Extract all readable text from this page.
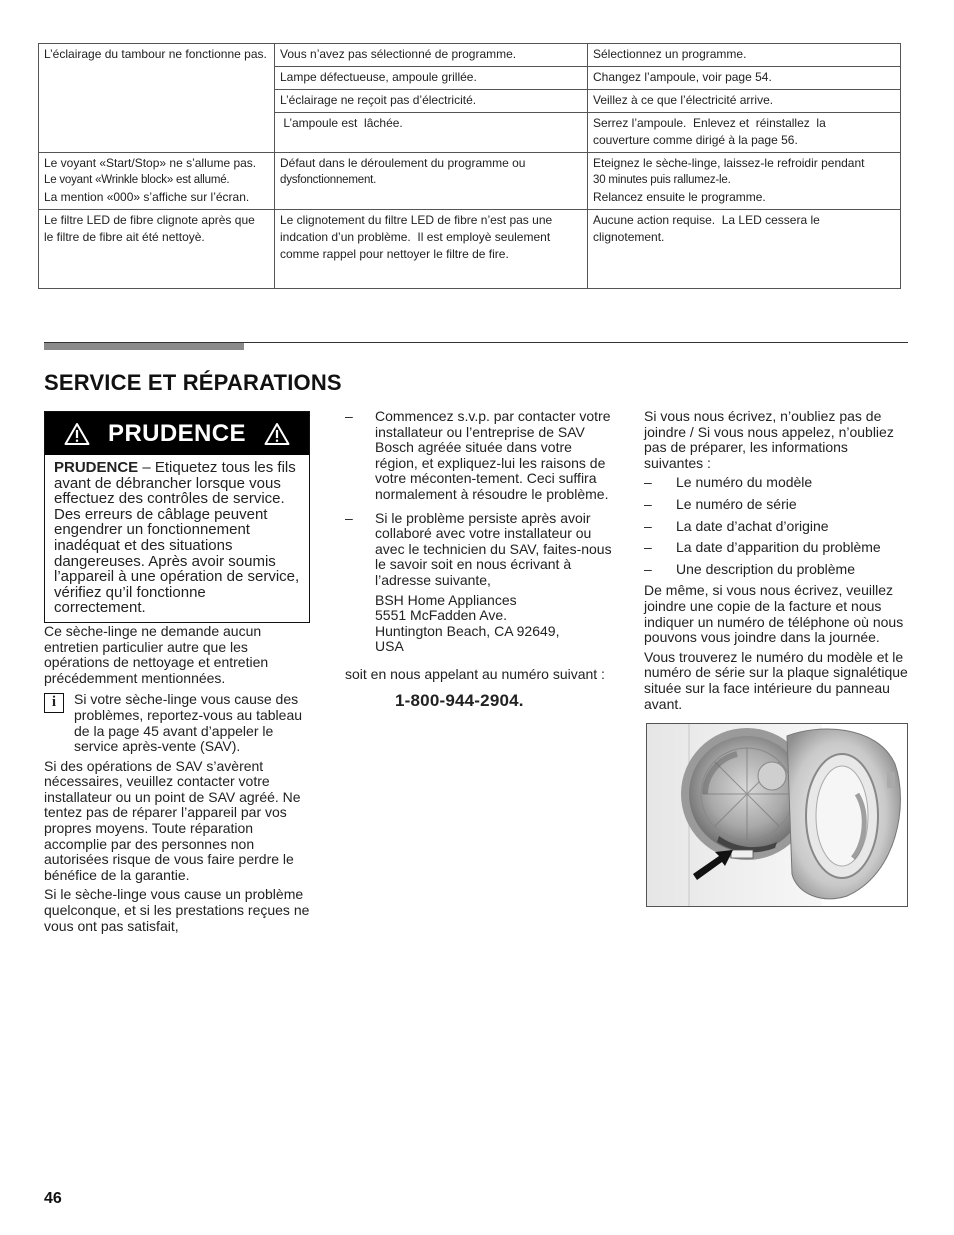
L’éclairage du tambour ne fonctionne pas.	Vous n’avez pas sélectionné de programme.	Sélectionnez un programme.

	Lampe défectueuse, ampoule grillée.	Changez l’ampoule, voir page 54.

	L’éclairage ne reçoit pas d’électricité.	Veillez à ce que l’électricité arrive.

	L’ampoule est  lâchée.	Serrez l’ampoule.  Enlevez et  réinstallez  la
couverture comme dirigé à la page 56.

Le voyant «Start/Stop» ne s’allume pas.
Le voyant «Wrinkle block» est allumé.
La mention «000» s’affiche sur l’écran.	Défaut dans le déroulement du programme ou
dysfonctionnement.	Eteignez le sèche-linge, laissez-le refroidir pendant
30 minutes puis rallumez-le.
Relancez ensuite le programme.

Le filtre LED de fibre clignote après que
le filtre de fibre ait été nettoyè.	Le clignotement du filtre LED de fibre n’est pas une
indcation d’un problème.  Il est employè seulement
comme rappel pour nettoyer le filtre de fire.	Aucune action requise.  La LED cessera le
clignotement.
SERVICE ET RÉPARATIONS
PRUDENCE
PRUDENCE – Etiquetez tous les fils avant de débrancher lorsque vous effectuez des contrôles de service. Des erreurs de câblage peuvent engendrer un fonctionnement inadéquat et des situations dangereuses. Après avoir soumis l’appareil à une opération de service, vérifiez qu’il fonctionne correctement.

Ce sèche-linge ne demande aucun entretien particulier autre que les opérations de nettoyage et entretien précédemment mentionnées.

i	Si votre sèche-linge vous cause des problèmes, reportez-vous au tableau de la page 45 avant d’appeler le service après-vente (SAV).

Si des opérations de SAV s’avèrent nécessaires, veuillez contacter votre installateur ou un point de SAV agréé. Ne tentez pas de réparer l’appareil par vos propres moyens. Toute réparation accomplie par des personnes non autorisées risque de vous faire perdre le bénéfice de la garantie.

Si le sèche-linge vous cause un problème quelconque, et si les prestations reçues ne vous ont pas satisfait,

–	Commencez s.v.p. par contacter votre installateur ou l’entreprise de SAV Bosch agréée située dans votre région, et expliquez-lui les raisons de votre méconten-tement. Ceci suffira normalement à résoudre le problème.
–	Si le problème persiste après avoir collaboré avec votre installateur ou avec le technicien du SAV, faites-nous le savoir soit en nous écrivant à l’adresse suivante,
BSH Home Appliances
5551 McFadden Ave.
Huntington Beach, CA 92649,
USA

soit en nous appelant au numéro suivant :

1-800-944-2904.

Si vous nous écrivez, n’oubliez pas de joindre / Si vous nous appelez, n’oubliez pas de préparer, les informations suivantes :

–	Le numéro du modèle
–	Le numéro de série
–	La date d’achat d’origine
–	La date d’apparition du problème
–	Une description du problème

De même, si vous nous écrivez, veuillez joindre une copie de la facture et nous indiquer un numéro de téléphone où nous pouvons vous joindre dans la journée.

Vous trouverez le numéro du modèle et le numéro de série sur la plaque signalétique située sur la face intérieure du panneau avant.

46
